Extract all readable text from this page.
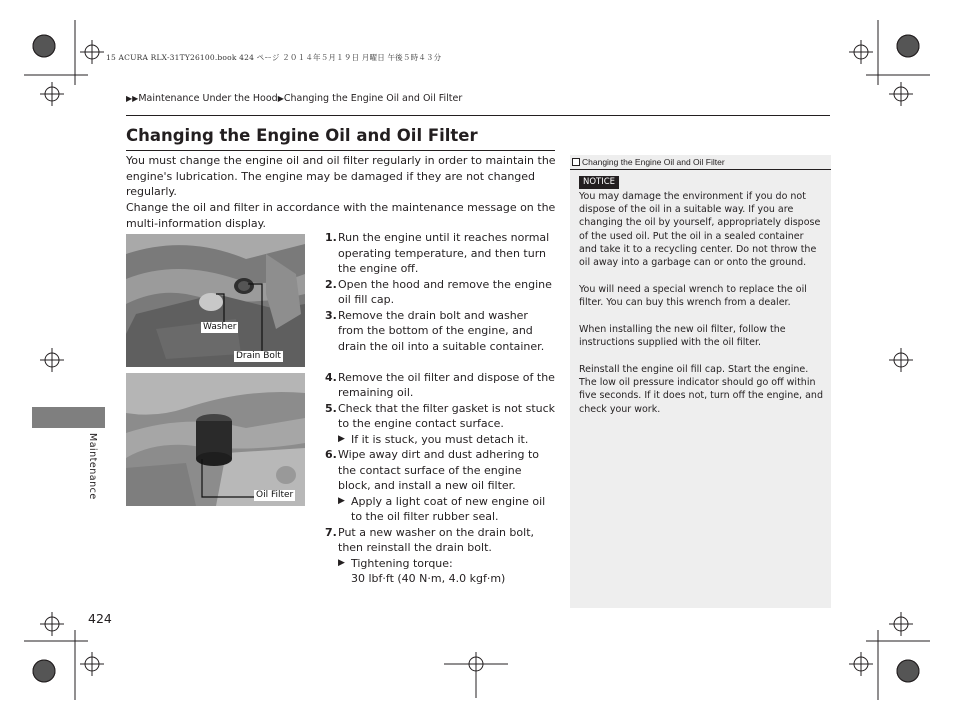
15 ACURA RLX-31TY26100.book 424 ページ ２０１４年５月１９日 月曜日 午後５時４３分
▶▶Maintenance Under the Hood▶Changing the Engine Oil and Oil Filter
Changing the Engine Oil and Oil Filter
You must change the engine oil and oil filter regularly in order to maintain the engine's lubrication. The engine may be damaged if they are not changed regularly.
Change the oil and filter in accordance with the maintenance message on the multi-information display.
Washer
Drain Bolt
Oil Filter
1. Run the engine until it reaches normal operating temperature, and then turn the engine off.
2. Open the hood and remove the engine oil fill cap.
3. Remove the drain bolt and washer from the bottom of the engine, and drain the oil into a suitable container.
4. Remove the oil filter and dispose of the remaining oil.
5. Check that the filter gasket is not stuck to the engine contact surface.
▶ If it is stuck, you must detach it.
6. Wipe away dirt and dust adhering to the contact surface of the engine block, and install a new oil filter.
▶ Apply a light coat of new engine oil to the oil filter rubber seal.
7. Put a new washer on the drain bolt, then reinstall the drain bolt.
▶ Tightening torque:
30 lbf·ft (40 N·m, 4.0 kgf·m)
Changing the Engine Oil and Oil Filter
NOTICE
You may damage the environment if you do not dispose of the oil in a suitable way. If you are changing the oil by yourself, appropriately dispose of the used oil. Put the oil in a sealed container and take it to a recycling center. Do not throw the oil away into a garbage can or onto the ground.
You will need a special wrench to replace the oil filter. You can buy this wrench from a dealer.
When installing the new oil filter, follow the instructions supplied with the oil filter.
Reinstall the engine oil fill cap. Start the engine. The low oil pressure indicator should go off within five seconds. If it does not, turn off the engine, and check your work.
Maintenance
424
